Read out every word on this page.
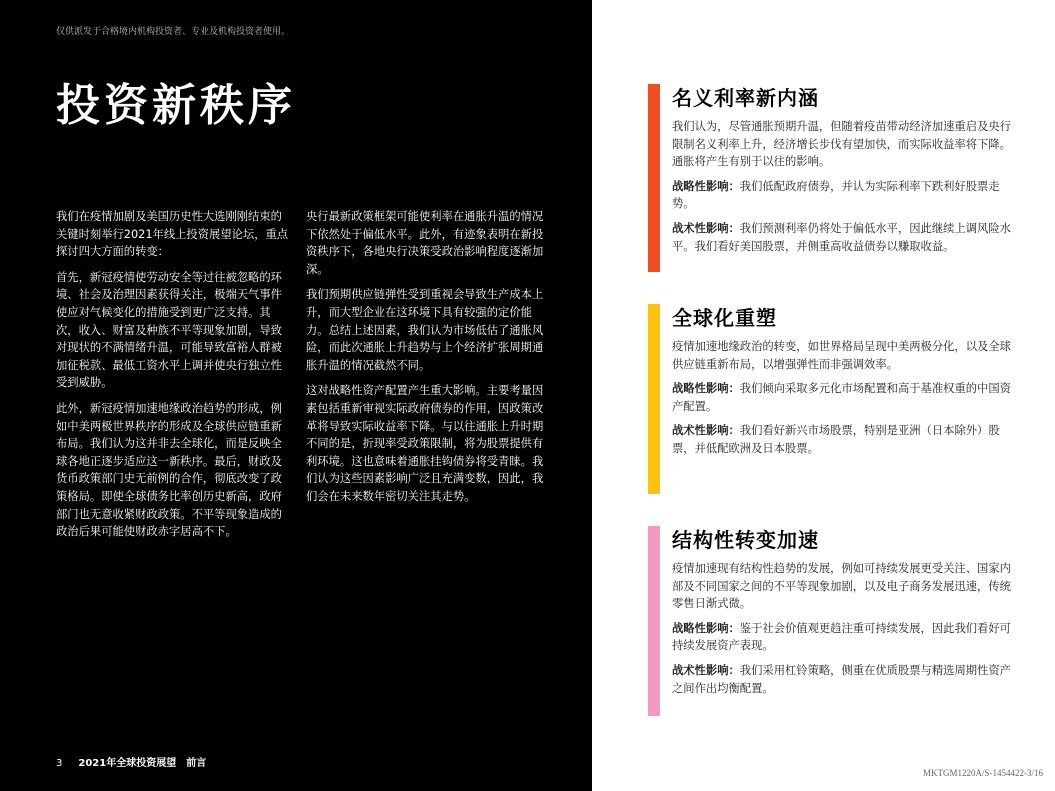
仅供派发于合格境内机构投资者、专业及机构投资者使用。
投资新秩序

我们在疫情加剧及美国历史性大选刚刚结束的关键时刻举行2021年线上投资展望论坛，重点探讨四大方面的转变：

首先，新冠疫情使劳动安全等过往被忽略的环境、社会及治理因素获得关注，极端天气事件使应对气候变化的措施受到更广泛支持。其次，收入、财富及种族不平等现象加剧，导致对现状的不满情绪升温，可能导致富裕人群被加征税款、最低工资水平上调并使央行独立性受到威胁。

此外，新冠疫情加速地缘政治趋势的形成，例如中美两极世界秩序的形成及全球供应链重新布局。我们认为这并非去全球化，而是反映全球各地正逐步适应这一新秩序。最后，财政及货币政策部门史无前例的合作，彻底改变了政策格局。即使全球债务比率创历史新高，政府部门也无意收紧财政政策。不平等现象造成的政治后果可能使财政赤字居高不下。

央行最新政策框架可能使利率在通胀升温的情况下依然处于偏低水平。此外，有迹象表明在新投资秩序下，各地央行决策受政治影响程度逐渐加深。

我们预期供应链弹性受到重视会导致生产成本上升，而大型企业在这环境下具有较强的定价能力。总结上述因素，我们认为市场低估了通胀风险，而此次通胀上升趋势与上个经济扩张周期通胀升温的情况截然不同。

这对战略性资产配置产生重大影响。主要考量因素包括重新审视实际政府债券的作用，因政策改革将导致实际收益率下降。与以往通胀上升时期不同的是，折现率受政策限制，将为股票提供有利环境。这也意味着通胀挂钩债券将受青睐。我们认为这些因素影响广泛且充满变数，因此，我们会在未来数年密切关注其走势。

3 2021年全球投资展望　前言
名义利率新内涵

我们认为，尽管通胀预期升温，但随着疫苗带动经济加速重启及央行限制名义利率上升，经济增长步伐有望加快，而实际收益率将下降。通胀将产生有别于以往的影响。

战略性影响：我们低配政府债券，并认为实际利率下跌利好股票走势。

战术性影响：我们预测利率仍将处于偏低水平，因此继续上调风险水平。我们看好美国股票，并侧重高收益债券以赚取收益。

全球化重塑

疫情加速地缘政治的转变，如世界格局呈现中美两极分化，以及全球供应链重新布局，以增强弹性而非强调效率。

战略性影响：我们倾向采取多元化市场配置和高于基准权重的中国资产配置。

战术性影响：我们看好新兴市场股票，特别是亚洲（日本除外）股票，并低配欧洲及日本股票。

结构性转变加速

疫情加速现有结构性趋势的发展，例如可持续发展更受关注、国家内部及不同国家之间的不平等现象加剧，以及电子商务发展迅速，传统零售日渐式微。

战略性影响：鉴于社会价值观更趋注重可持续发展，因此我们看好可持续发展资产表现。

战术性影响：我们采用杠铃策略，侧重在优质股票与精选周期性资产之间作出均衡配置。

MKTGM1220A/S-1454422-3/16
